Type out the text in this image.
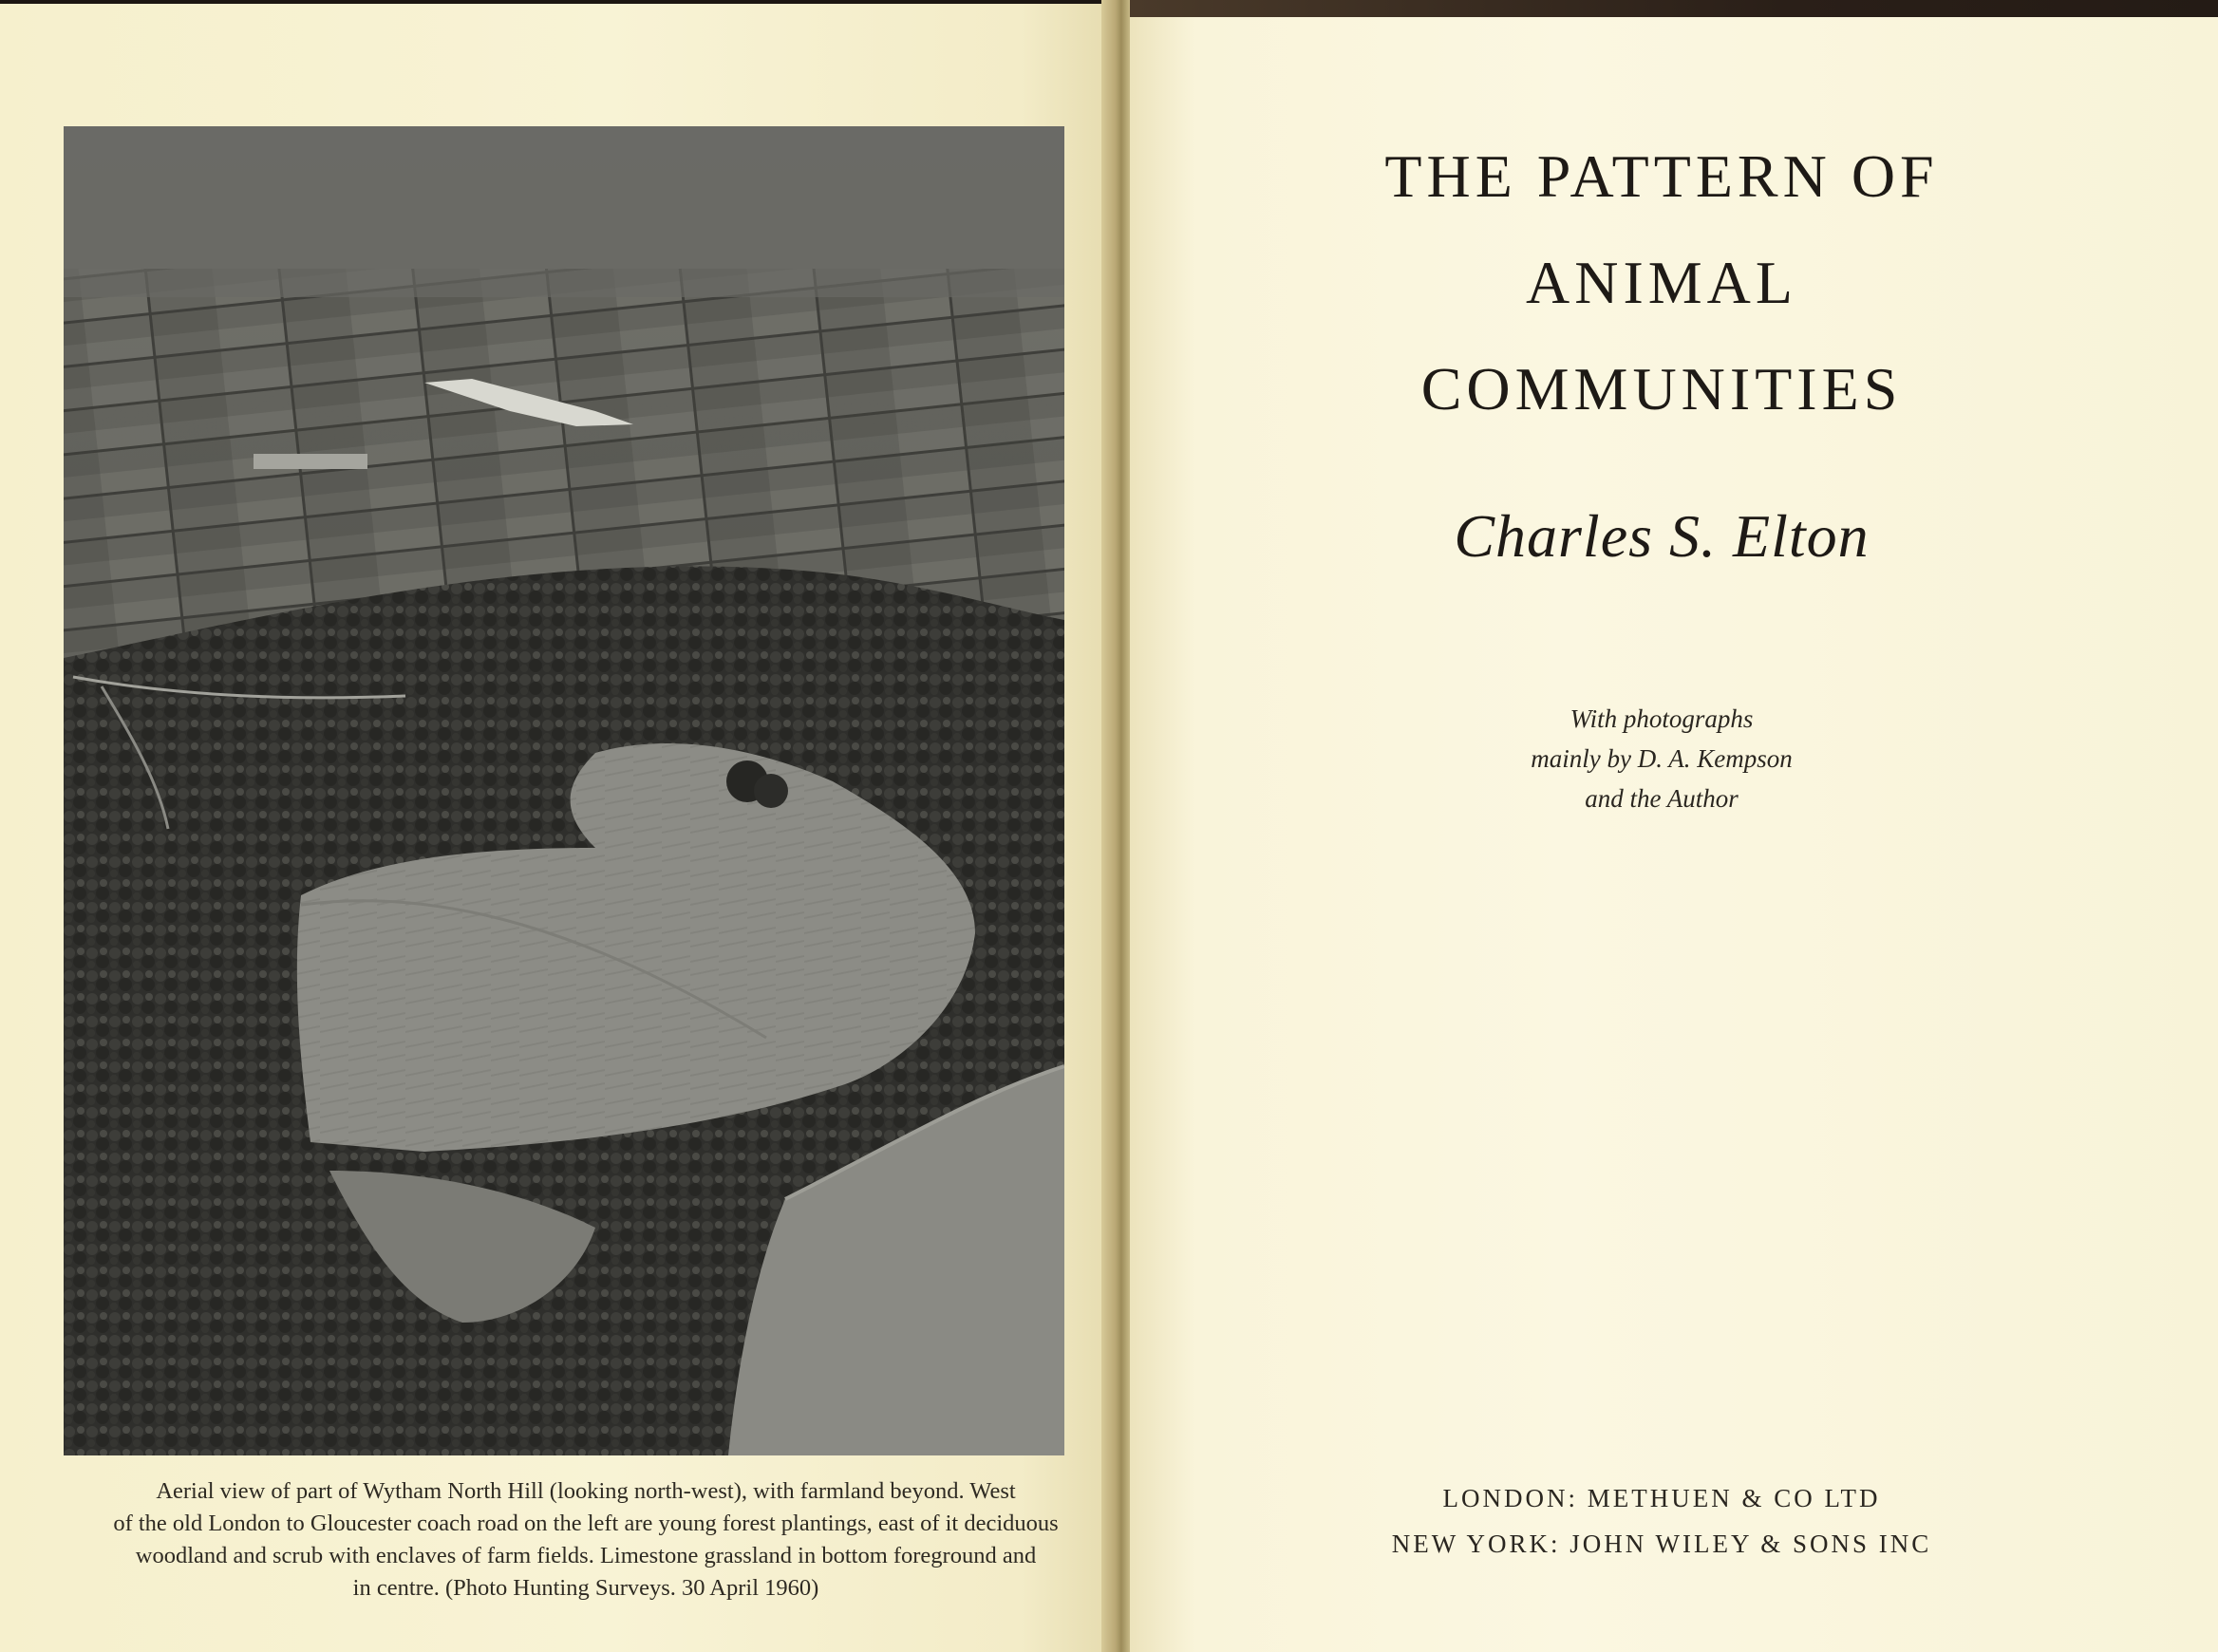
Aerial view of part of Wytham North Hill (looking north-west), with farmland beyond. West
of the old London to Gloucester coach road on the left are young forest plantings, east of it deciduous
woodland and scrub with enclaves of farm fields. Limestone grassland in bottom foreground and
in centre. (Photo Hunting Surveys. 30 April 1960)
THE PATTERN OF
ANIMAL
COMMUNITIES

Charles S. Elton

With photographs
mainly by D. A. Kempson
and the Author
LONDON: METHUEN & CO LTD
NEW YORK: JOHN WILEY & SONS INC
